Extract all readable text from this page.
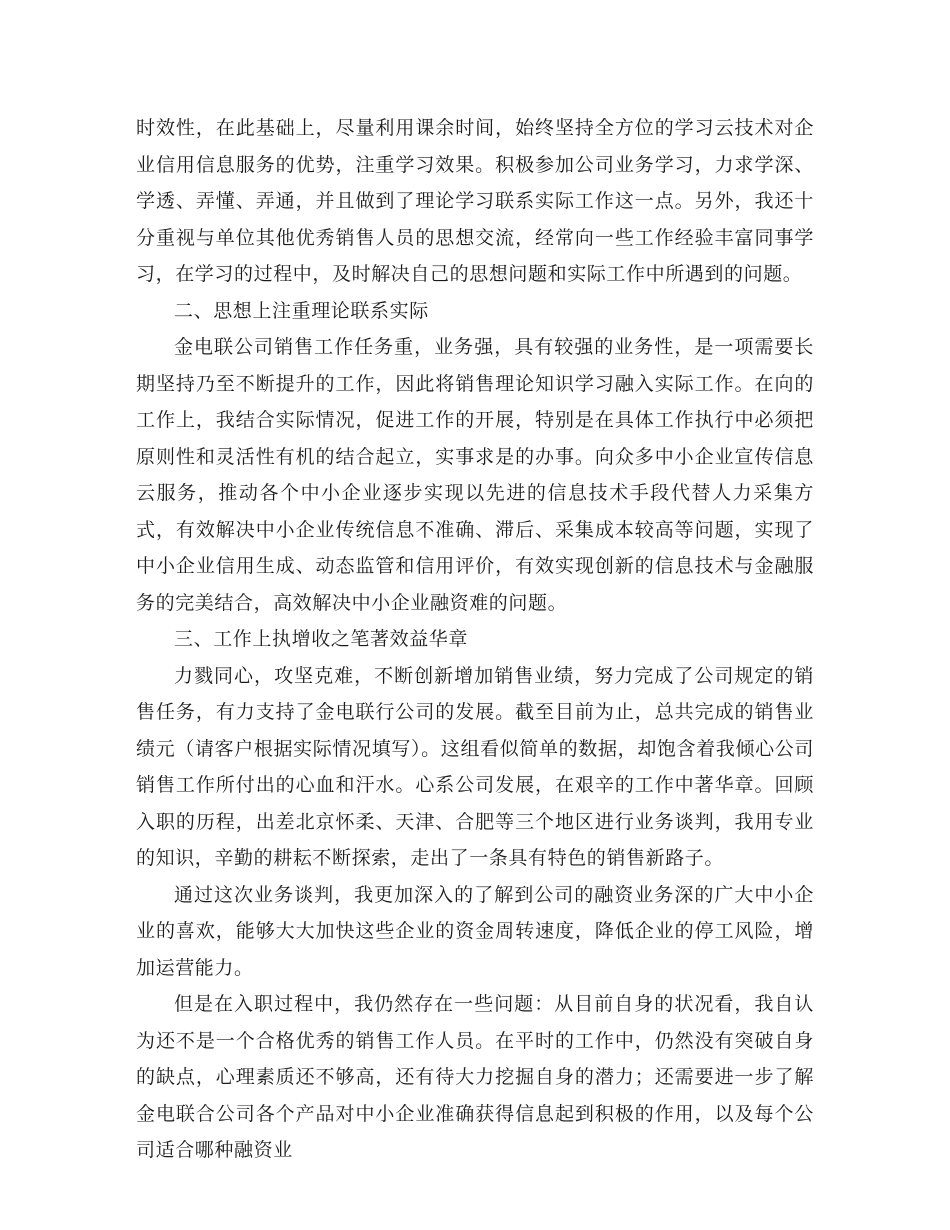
时效性，在此基础上，尽量利用课余时间，始终坚持全方位的学习云技术对企业信用信息服务的优势，注重学习效果。积极参加公司业务学习，力求学深、学透、弄懂、弄通，并且做到了理论学习联系实际工作这一点。另外，我还十分重视与单位其他优秀销售人员的思想交流，经常向一些工作经验丰富同事学习，在学习的过程中，及时解决自己的思想问题和实际工作中所遇到的问题。

二、思想上注重理论联系实际

金电联公司销售工作任务重，业务强，具有较强的业务性，是一项需要长期坚持乃至不断提升的工作，因此将销售理论知识学习融入实际工作。在向的工作上，我结合实际情况，促进工作的开展，特别是在具体工作执行中必须把原则性和灵活性有机的结合起立，实事求是的办事。向众多中小企业宣传信息云服务，推动各个中小企业逐步实现以先进的信息技术手段代替人力采集方式，有效解决中小企业传统信息不准确、滞后、采集成本较高等问题，实现了中小企业信用生成、动态监管和信用评价，有效实现创新的信息技术与金融服务的完美结合，高效解决中小企业融资难的问题。

三、工作上执增收之笔著效益华章

力戮同心，攻坚克难，不断创新增加销售业绩，努力完成了公司规定的销售任务，有力支持了金电联行公司的发展。截至目前为止，总共完成的销售业绩元（请客户根据实际情况填写）。这组看似简单的数据，却饱含着我倾心公司销售工作所付出的心血和汗水。心系公司发展，在艰辛的工作中著华章。回顾入职的历程，出差北京怀柔、天津、合肥等三个地区进行业务谈判，我用专业的知识，辛勤的耕耘不断探索，走出了一条具有特色的销售新路子。

通过这次业务谈判，我更加深入的了解到公司的融资业务深的广大中小企业的喜欢，能够大大加快这些企业的资金周转速度，降低企业的停工风险，增加运营能力。

但是在入职过程中，我仍然存在一些问题：从目前自身的状况看，我自认为还不是一个合格优秀的销售工作人员。在平时的工作中，仍然没有突破自身的缺点，心理素质还不够高，还有待大力挖掘自身的潜力；还需要进一步了解金电联合公司各个产品对中小企业准确获得信息起到积极的作用，以及每个公司适合哪种融资业
